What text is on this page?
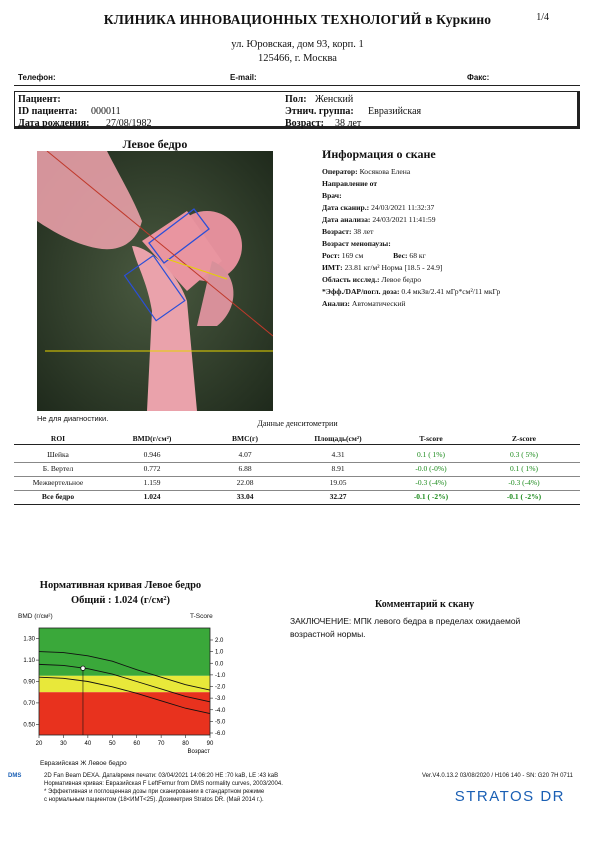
КЛИНИКА ИННОВАЦИОННЫХ ТЕХНОЛОГИЙ в Куркино	1/4
ул. Юровская, дом 93, корп. 1
125466, г. Москва
Телефон:	E-mail:	Факс:
Пациент:
ID пациента: 000011
Дата рождения: 27/08/1982
Пол: Женский
Этнич. группа: Евразийская
Возраст: 38 лет
Левое бедро
Не для диагностики.
Информация о скане
Оператор: Косякова Елена
Направление от
Врач:
Дата сканир.: 24/03/2021 11:32:37
Дата анализа: 24/03/2021 11:41:59
Возраст: 38 лет
Возраст менопаузы:
Рост: 169 см	Вес: 68 кг
ИМТ: 23.81 кг/м² Норма [18.5 - 24.9]
Область исслед.: Левое бедро
*Эфф./DAP/погл. доза: 0.4 мкЗв/2.41 мГр*см²/11 мкГр
Анализ: Автоматический
Данные денситометрии
ROI	BMD(г/см²)	BMC(г)	Площадь(см²)	T-score	Z-score
Шейка	0.946	4.07	4.31	0.1 ( 1%)	0.3 ( 5%)
Б. Вертел	0.772	6.88	8.91	-0.0 (-0%)	0.1 ( 1%)
Межвертельное	1.159	22.08	19.05	-0.3 (-4%)	-0.3 (-4%)
Все бедро	1.024	33.04	32.27	-0.1 ( -2%)	-0.1 ( -2%)
Нормативная кривая Левое бедро
Общий : 1.024 (г/см²)
BMD (г/см²)	T-Score
1.30
1.10
0.90
0.70
0.50
2.0
1.0
0.0
-1.0
-2.0
-3.0
-4.0
-5.0
-6.0
20	30	40	50	60	70	80	90
Возраст
Евразийская Ж Левое бедро
Комментарий к скану
ЗАКЛЮЧЕНИЕ: МПК левого бедра в пределах ожидаемой возрастной нормы.
DMS	2D Fan Beam DEXA. Дата/время печати: 03/04/2021 14:06:20 HE :70 kaB, LE :43 kaB
Нормативная кривая: Евразийская F LeftFemur from DMS normality curves, 2003/2004.
* Эффективная и поглощенная дозы при сканировании в стандартном режиме
с нормальным пациентом (18<ИМТ<25). Дозиметрия Stratos DR. (Май 2014 г.).
Ver.V4.0.13.2 03/08/2020 / H106 140 - SN: G20 7H 0711
STRATOS DR
